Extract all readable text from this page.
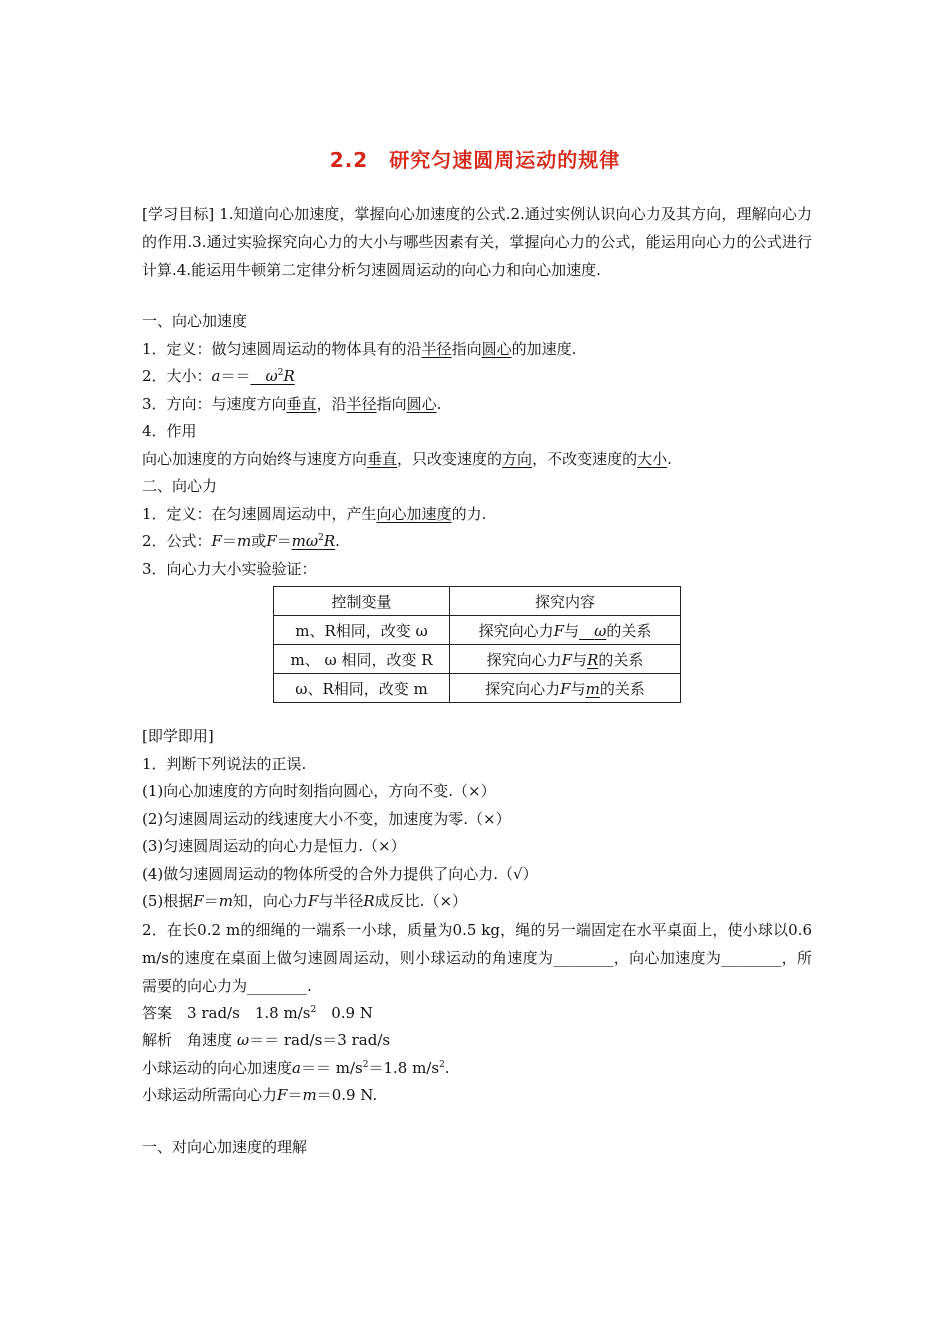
2.2　研究匀速圆周运动的规律

[学习目标] 1.知道向心加速度，掌握向心加速度的公式.2.通过实例认识向心力及其方向，理解向心力的作用.3.通过实验探究向心力的大小与哪些因素有关，掌握向心力的公式，能运用向心力的公式进行计算.4.能运用牛顿第二定律分析匀速圆周运动的向心力和向心加速度.

一、向心加速度

1．定义：做匀速圆周运动的物体具有的沿半径指向圆心的加速度.

2．大小：a＝＝　 $\omega^2R$

3．方向：与速度方向垂直，沿半径指向圆心.

4．作用

向心加速度的方向始终与速度方向垂直，只改变速度的方向，不改变速度的大小.

二、向心力

1．定义：在匀速圆周运动中，产生向心加速度的力.

2．公式：F＝m或$F=m\omega^2R$.

3．向心力大小实验验证：

控制变量	探究内容
m、R相同，改变 ω	探究向心力F与　 ω的关系
m、 ω 相同，改变 R	探究向心力F与R的关系
ω、R相同，改变 m	探究向心力F与m的关系

[即学即用]

1．判断下列说法的正误.

(1)向心加速度的方向时刻指向圆心，方向不变.（×）

(2)匀速圆周运动的线速度大小不变，加速度为零.（×）

(3)匀速圆周运动的向心力是恒力.（×）

(4)做匀速圆周运动的物体所受的合外力提供了向心力.（√）

(5)根据F＝m知，向心力F与半径R成反比.（×）

2．在长0.2 m的细绳的一端系一小球，质量为0.5 kg，绳的另一端固定在水平桌面上，使小球以0.6 m/s的速度在桌面上做匀速圆周运动，则小球运动的角速度为________，向心加速度为________，所需要的向心力为________.

答案　 3 rad/s　 1.8 $m/s^2$　 0.9 N

解析　 角速度 ω＝＝ rad/s＝3 rad/s

小球运动的向心加速度$a== m/s^2=1.8$ $m/s^2$.

小球运动所需向心力F＝m＝0.9 N.

一、对向心加速度的理解
